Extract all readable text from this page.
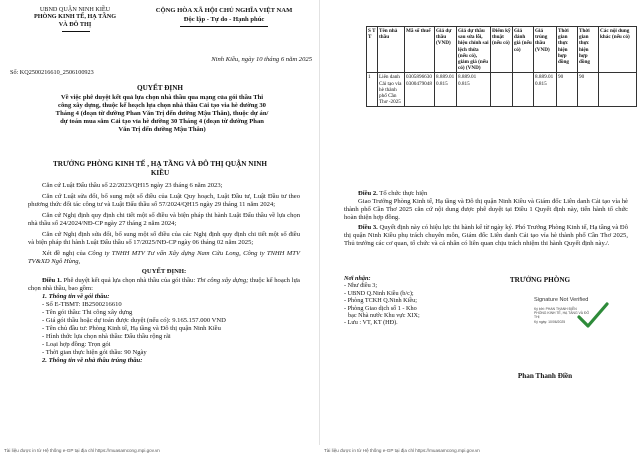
UBND QUẬN NINH KIỀU
PHÒNG KINH TẾ, HẠ TẦNG
VÀ ĐÔ THỊ
Số: KQ2500216610_2506100923
CỘNG HÒA XÃ HỘI CHỦ NGHĨA VIỆT NAM
Độc lập - Tự do - Hạnh phúc
Ninh Kiều, ngày 10 tháng 6 năm 2025
QUYẾT ĐỊNH
Về việc phê duyệt kết quả lựa chọn nhà thầu qua mạng của gói thầu Thi
công xây dựng, thuộc kế hoạch lựa chọn nhà thầu Cải tạo via hè đường 30
Tháng 4 (đoạn từ đường Phan Văn Trị đến đường Mậu Thân), thuộc dự án/
dự toán mua sắm Cải tạo vỉa hè đường 30 Tháng 4 (đoạn từ đường Phan
Văn Trị đến đường Mậu Thân)
TRƯỞNG PHÒNG KINH TẾ , HẠ TẦNG VÀ ĐÔ THỊ QUẬN NINH
KIỀU
Căn cứ Luật Đấu thầu số 22/2023/QH15 ngày 23 tháng 6 năm 2023;
Căn cứ Luật sửa đổi, bổ sung một số điều của Luật Quy hoạch, Luật Đầu tư, Luật Đầu tư theo phương thức đối tác công tư và Luật Đấu thầu số 57/2024/QH15 ngày 29 tháng 11 năm 2024;
Căn cứ Nghị định quy định chi tiết một số điều và biện pháp thi hành Luật Đấu thầu về lựa chọn nhà thầu số 24/2024/NĐ-CP ngày 27 tháng 2 năm 2024;
Căn cứ Nghị định sửa đổi, bổ sung một số điều của các Nghị định quy định chi tiết một số điều và biện pháp thi hành Luật Đấu thầu số 17/2025/NĐ-CP ngày 06 tháng 02 năm 2025;
Xét đề nghị của Công ty TNHH MTV Tư vấn Xây dựng Nam Cửu Long, Công ty TNHH MTV TV&XD Ngô Hùng,
QUYẾT ĐỊNH:
Điều 1. Phê duyệt kết quả lựa chọn nhà thầu của gói thầu: Thi công xây dựng; thuộc kế hoạch lựa chọn nhà thầu, bao gồm:
1. Thông tin về gói thầu:
- Số E-TBMT: IB2500216610
- Tên gói thầu: Thi công xây dựng
- Giá gói thầu hoặc dự toán được duyệt (nếu có): 9.165.157.000 VND
- Tên chủ đầu tư: Phòng Kinh tế, Hạ tầng và Đô thị quận Ninh Kiều
- Hình thức lựa chọn nhà thầu: Đấu thầu rộng rãi
- Loại hợp đồng: Trọn gói
- Thời gian thực hiện gói thầu: 90 Ngày
2. Thông tin về nhà thầu trúng thầu:
Tài liệu được in từ Hệ thống e-GP tại địa chỉ https://muasamcong.mpi.gov.vn
S T T	Tên nhà thầu	Mã số thuế	Giá dự thầu (VND)	Giá dự thầu sau sửa lỗi, hiệu chỉnh sai lệch thừa (nếu có), giảm giá (nếu có) (VND)	Điểm kỹ thuật (nếu có)	Giá đánh giá (nếu có)	Giá trúng thầu (VND)	Thời gian thực hiện hợp đồng	Thời gian thực hiện hợp đồng	Các nội dung khác (nếu có)
1	Liên danh Cải tạo vỉa hè thành phố Cần Thơ -2025	0305896630 0300479048	8.889.01 0.815	8.889.01 0.815			8.889.01 0.815	90	90	
Điều 2. Tổ chức thực hiện
Giao Trưởng Phòng Kinh tế, Hạ tầng và Đô thị quận Ninh Kiều và Giám đốc Liên danh Cải tạo vỉa hè thành phố Cần Thơ 2025 căn cứ nội dung được phê duyệt tại Điều 1 Quyết định này, tiến hành tổ chức hoàn thiện hợp đồng.
Điều 3. Quyết định này có hiệu lực thi hành kể từ ngày ký. Phó Trưởng Phòng Kinh tế, Hạ tầng và Đô thị quận Ninh Kiều phụ trách chuyên môn, Giám đốc Liên danh Cải tạo vỉa hè thành phố Cần Thơ 2025, Thủ trưởng các cơ quan, tổ chức và cá nhân có liên quan chịu trách nhiệm thi hành Quyết định này./.
Nơi nhận:
- Như điều 3;
- UBND Q.Ninh Kiều (b/c);
- Phòng TCKH Q.Ninh Kiều;
- Phòng Giao dịch số 1 - Kho
bạc Nhà nước Khu vực XIX;
- Lưu : VT, KT (HĐ).
TRƯỞNG PHÒNG
Signature Not Verified
Ký bởi: PHAN THANH ĐIỀN
PHÒNG KINH TẾ, HẠ TẦNG VÀ ĐÔ THỊ
Ký ngày: 10/06/2025
Phan Thanh Điền
Tài liệu được in từ Hệ thống e-GP tại địa chỉ https://muasamcong.mpi.gov.vn
